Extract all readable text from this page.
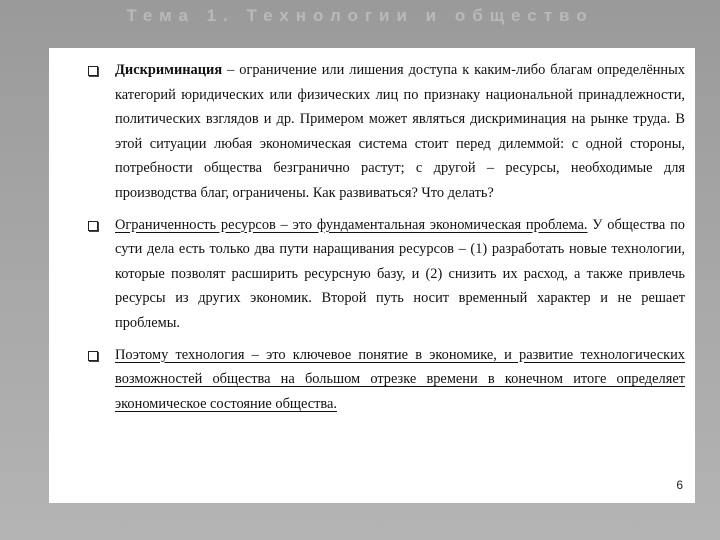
Тема 1. Технологии и общество
Дискриминация – ограничение или лишения доступа к каким-либо благам определённых категорий юридических или физических лиц по признаку национальной принадлежности, политических взглядов и др. Примером может являться дискриминация на рынке труда. В этой ситуации любая экономическая система стоит перед дилеммой: с одной стороны, потребности общества безгранично растут; с другой – ресурсы, необходимые для производства благ, ограничены. Как развиваться? Что делать?
Ограниченность ресурсов – это фундаментальная экономическая проблема. У общества по сути дела есть только два пути наращивания ресурсов – (1) разработать новые технологии, которые позволят расширить ресурсную базу, и (2) снизить их расход, а также привлечь ресурсы из других экономик. Второй путь носит временный характер и не решает проблемы.
Поэтому технология – это ключевое понятие в экономике, и развитие технологических возможностей общества на большом отрезке времени в конечном итоге определяет экономическое состояние общества.
6
